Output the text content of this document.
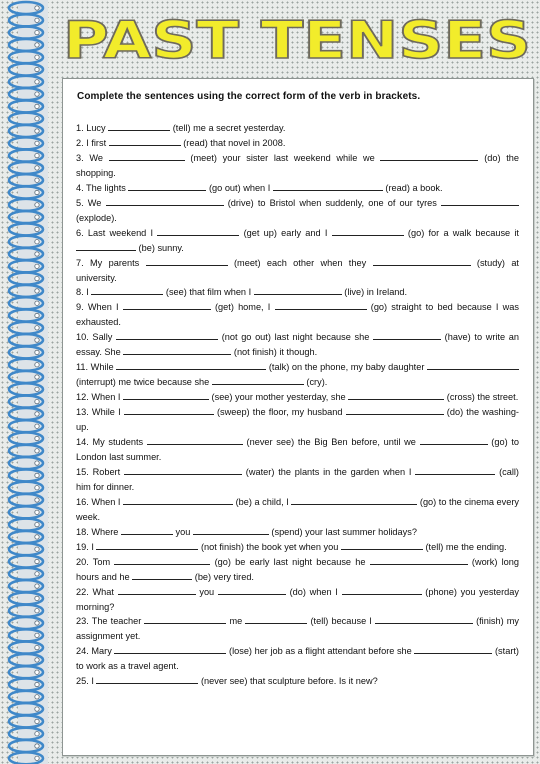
PAST TENSES
Complete the sentences using the correct form of the verb in brackets.
1. Lucy	(tell) me a secret yesterday.
2. I first	(read) that novel in 2008.
3. We	(meet) your sister last weekend while we	(do) the shopping.
4. The lights	(go out) when I	(read) a book.
5. We	(drive) to Bristol when suddenly, one of our tyres  (explode).
6. Last weekend I	(get up) early and I	(go) for a walk because it  (be) sunny.
7. My parents	(meet) each other when they	(study) at university.
8. I	(see) that film when I	(live) in Ireland.
9. When I	(get) home, I	(go) straight to bed because I was exhausted.
10. Sally	(not go out) last night because she	(have) to write an essay. She	(not finish) it though.
11. While	(talk) on the phone, my baby daughter  (interrupt) me twice because she	(cry).
12. When I	(see) your mother yesterday, she	(cross) the street.
13. While I	(sweep) the floor, my husband	(do) the washing-up.
14. My students	(never see) the Big Ben before, until we	(go) to London last summer.
15. Robert	(water) the plants in the garden when I	(call) him for dinner.
16. When I	(be) a child, I	(go) to the cinema every week.
18. Where	you	(spend) your last summer holidays?
19. I	(not finish) the book yet when you	(tell) me the ending.
20. Tom	(go) be early last night because he	(work) long hours and he	(be) very tired.
22. What	you	(do) when I	(phone) you yesterday morning?
23. The teacher	me	(tell) because I	(finish) my assignment yet.
24. Mary	(lose) her job as a flight attendant before she	(start) to work as a travel agent.
25. I	(never see) that sculpture before. Is it new?
